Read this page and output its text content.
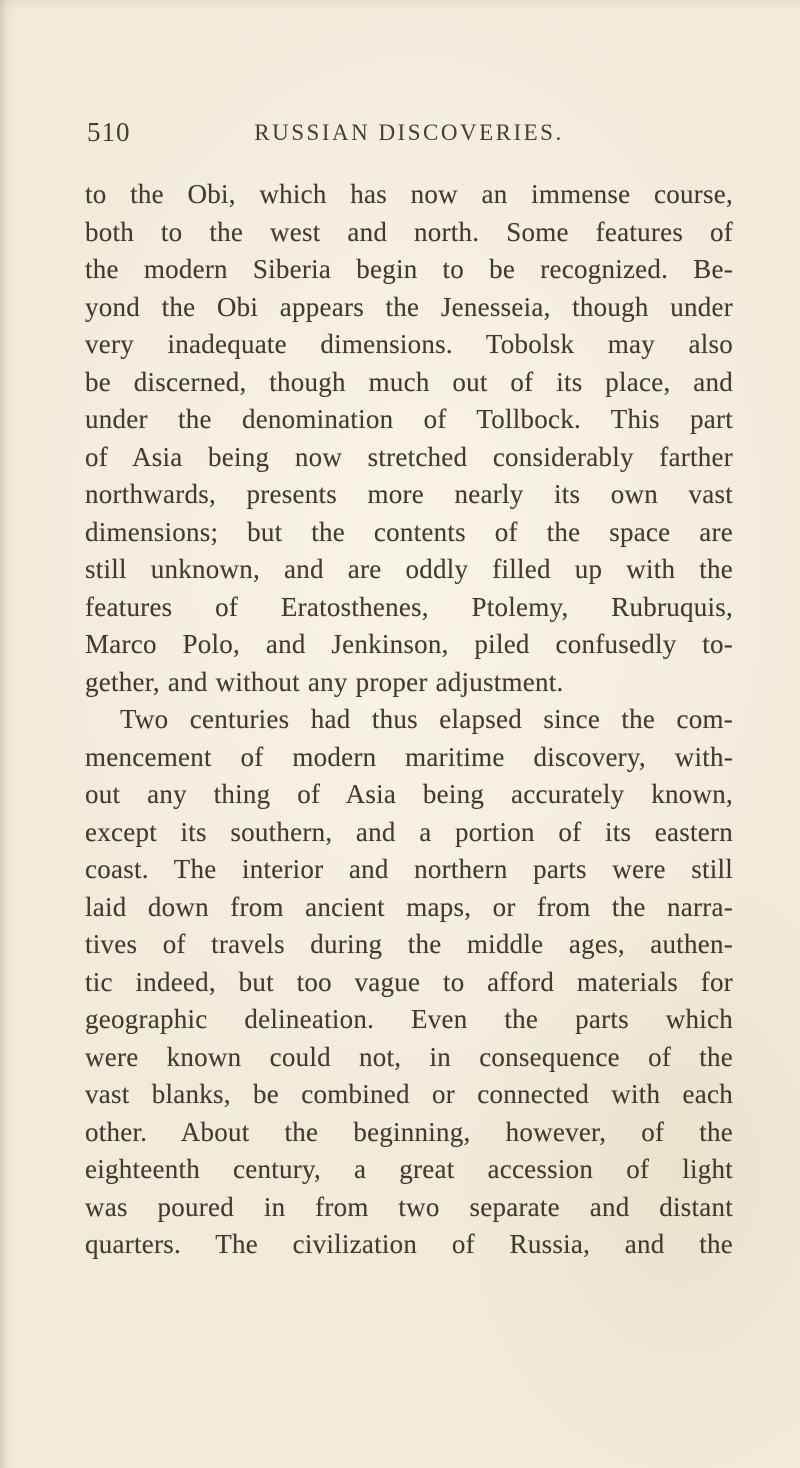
510	RUSSIAN DISCOVERIES.
to the Obi, which has now an immense course,
both to the west and north. Some features of
the modern Siberia begin to be recognized. Be-
yond the Obi appears the Jenesseia, though under
very inadequate dimensions. Tobolsk may also
be discerned, though much out of its place, and
under the denomination of Tollbock. This part
of Asia being now stretched considerably farther
northwards, presents more nearly its own vast
dimensions; but the contents of the space are
still unknown, and are oddly filled up with the
features of Eratosthenes, Ptolemy, Rubruquis,
Marco Polo, and Jenkinson, piled confusedly to-
gether, and without any proper adjustment.
Two centuries had thus elapsed since the com-
mencement of modern maritime discovery, with-
out any thing of Asia being accurately known,
except its southern, and a portion of its eastern
coast. The interior and northern parts were still
laid down from ancient maps, or from the narra-
tives of travels during the middle ages, authen-
tic indeed, but too vague to afford materials for
geographic delineation. Even the parts which
were known could not, in consequence of the
vast blanks, be combined or connected with each
other. About the beginning, however, of the
eighteenth century, a great accession of light
was poured in from two separate and distant
quarters. The civilization of Russia, and the
